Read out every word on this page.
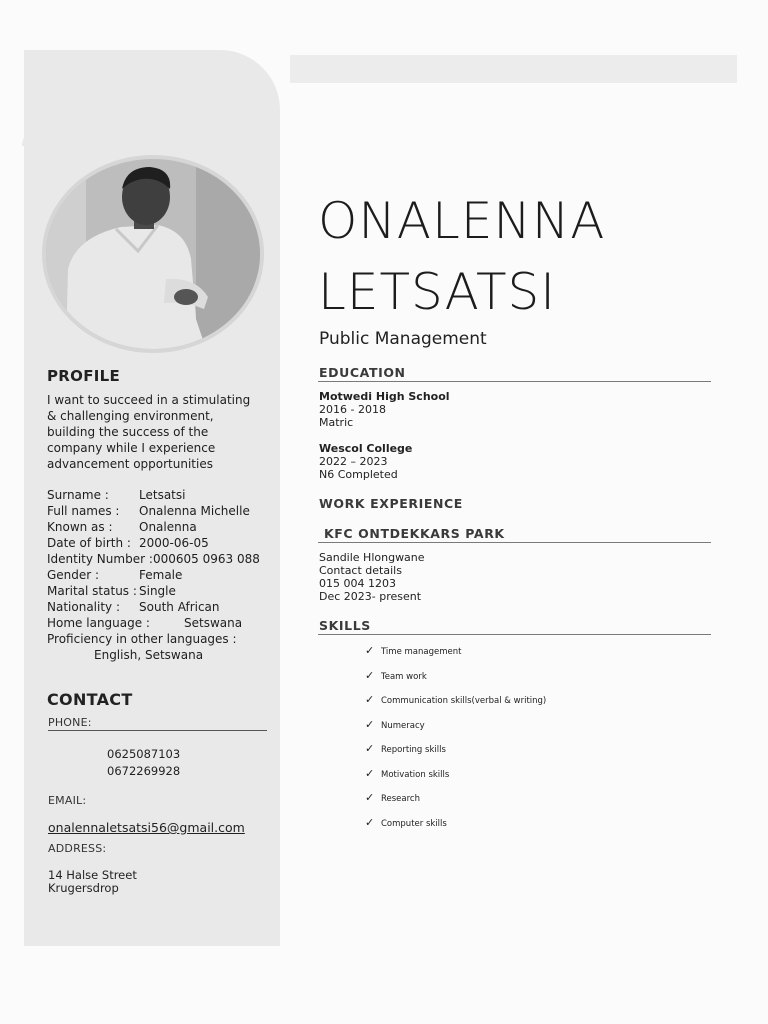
PROFILE
I want to succeed in a stimulating & challenging environment, building the success of the company while I experience advancement opportunities
Surname :	Letsatsi
Full names : Onalenna Michelle
Known as : Onalenna
Date of birth : 2000-06-05
Identity Number : 000605 0963 088
Gender :	Female
Marital status : Single
Nationality : South African
Home language :	Setswana
Proficiency in other languages :
English, Setswana
CONTACT
PHONE:
0625087103
0672269928
EMAIL:
onalennaletsatsi56@gmail.com
ADDRESS:
14 Halse Street
Krugersdrop
ONALENNA
LETSATSI
Public Management
EDUCATION
Motwedi High School
2016 - 2018
Matric
Wescol College
2022 – 2023
N6 Completed
WORK EXPERIENCE
KFC ONTDEKKARS PARK
Sandile Hlongwane
Contact details
015 004 1203
Dec 2023- present
SKILLS
✓ Time management
✓ Team work
✓ Communication skills(verbal & writing)
✓ Numeracy
✓ Reporting skills
✓ Motivation skills
✓ Research
✓ Computer skills
